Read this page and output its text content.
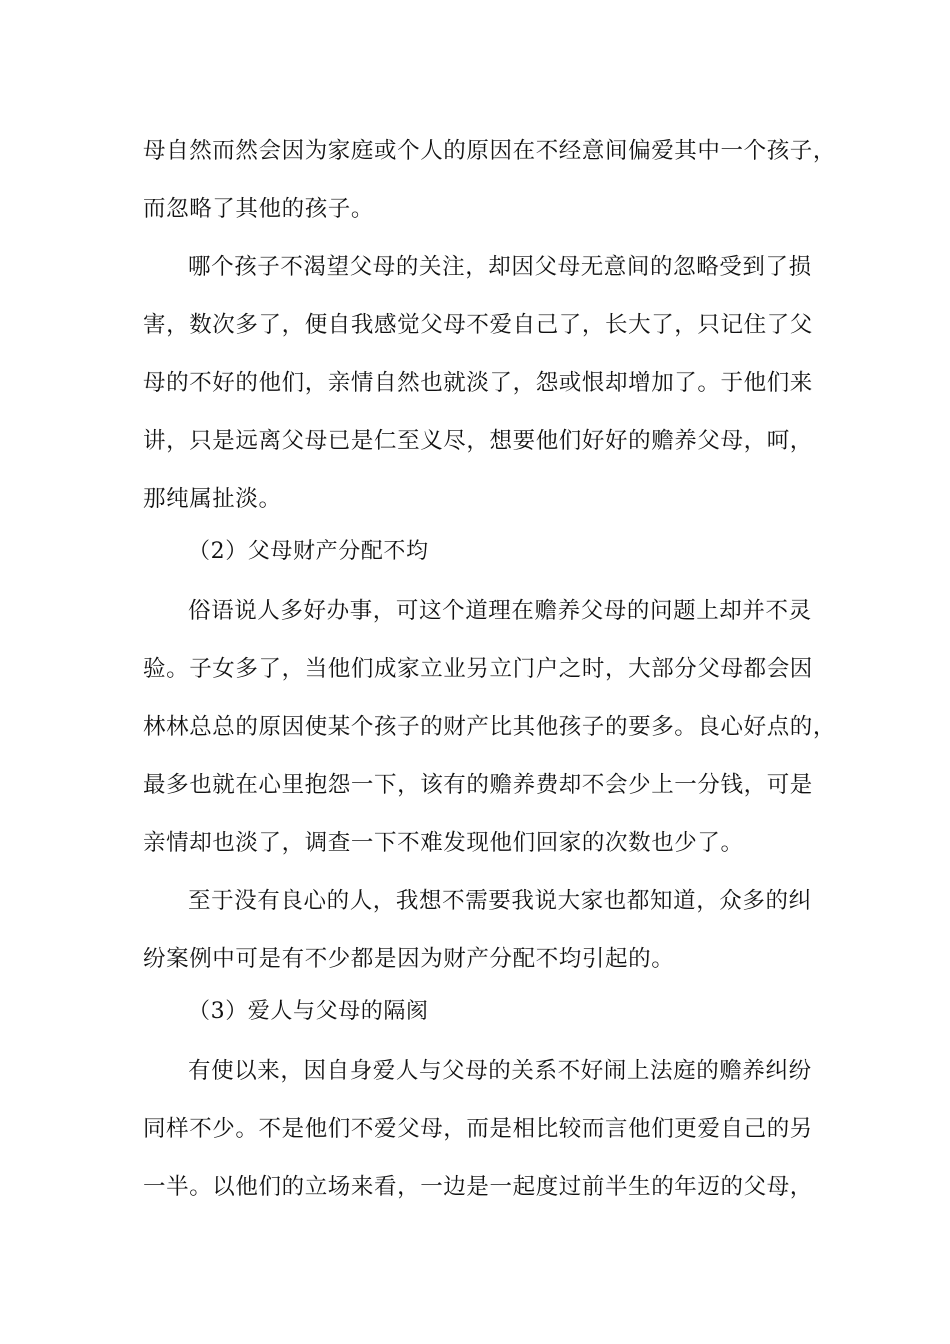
母自然而然会因为家庭或个人的原因在不经意间偏爱其中一个孩子，
而忽略了其他的孩子。
哪个孩子不渴望父母的关注，却因父母无意间的忽略受到了损
害，数次多了，便自我感觉父母不爱自己了，长大了，只记住了父
母的不好的他们，亲情自然也就淡了，怨或恨却增加了。于他们来
讲，只是远离父母已是仁至义尽，想要他们好好的赡养父母，呵，
那纯属扯淡。
（2）父母财产分配不均
俗语说人多好办事，可这个道理在赡养父母的问题上却并不灵
验。子女多了，当他们成家立业另立门户之时，大部分父母都会因
林林总总的原因使某个孩子的财产比其他孩子的要多。良心好点的，
最多也就在心里抱怨一下，该有的赡养费却不会少上一分钱，可是
亲情却也淡了，调查一下不难发现他们回家的次数也少了。
至于没有良心的人，我想不需要我说大家也都知道，众多的纠
纷案例中可是有不少都是因为财产分配不均引起的。
（3）爱人与父母的隔阂
有使以来，因自身爱人与父母的关系不好闹上法庭的赡养纠纷
同样不少。不是他们不爱父母，而是相比较而言他们更爱自己的另
一半。以他们的立场来看，一边是一起度过前半生的年迈的父母，
